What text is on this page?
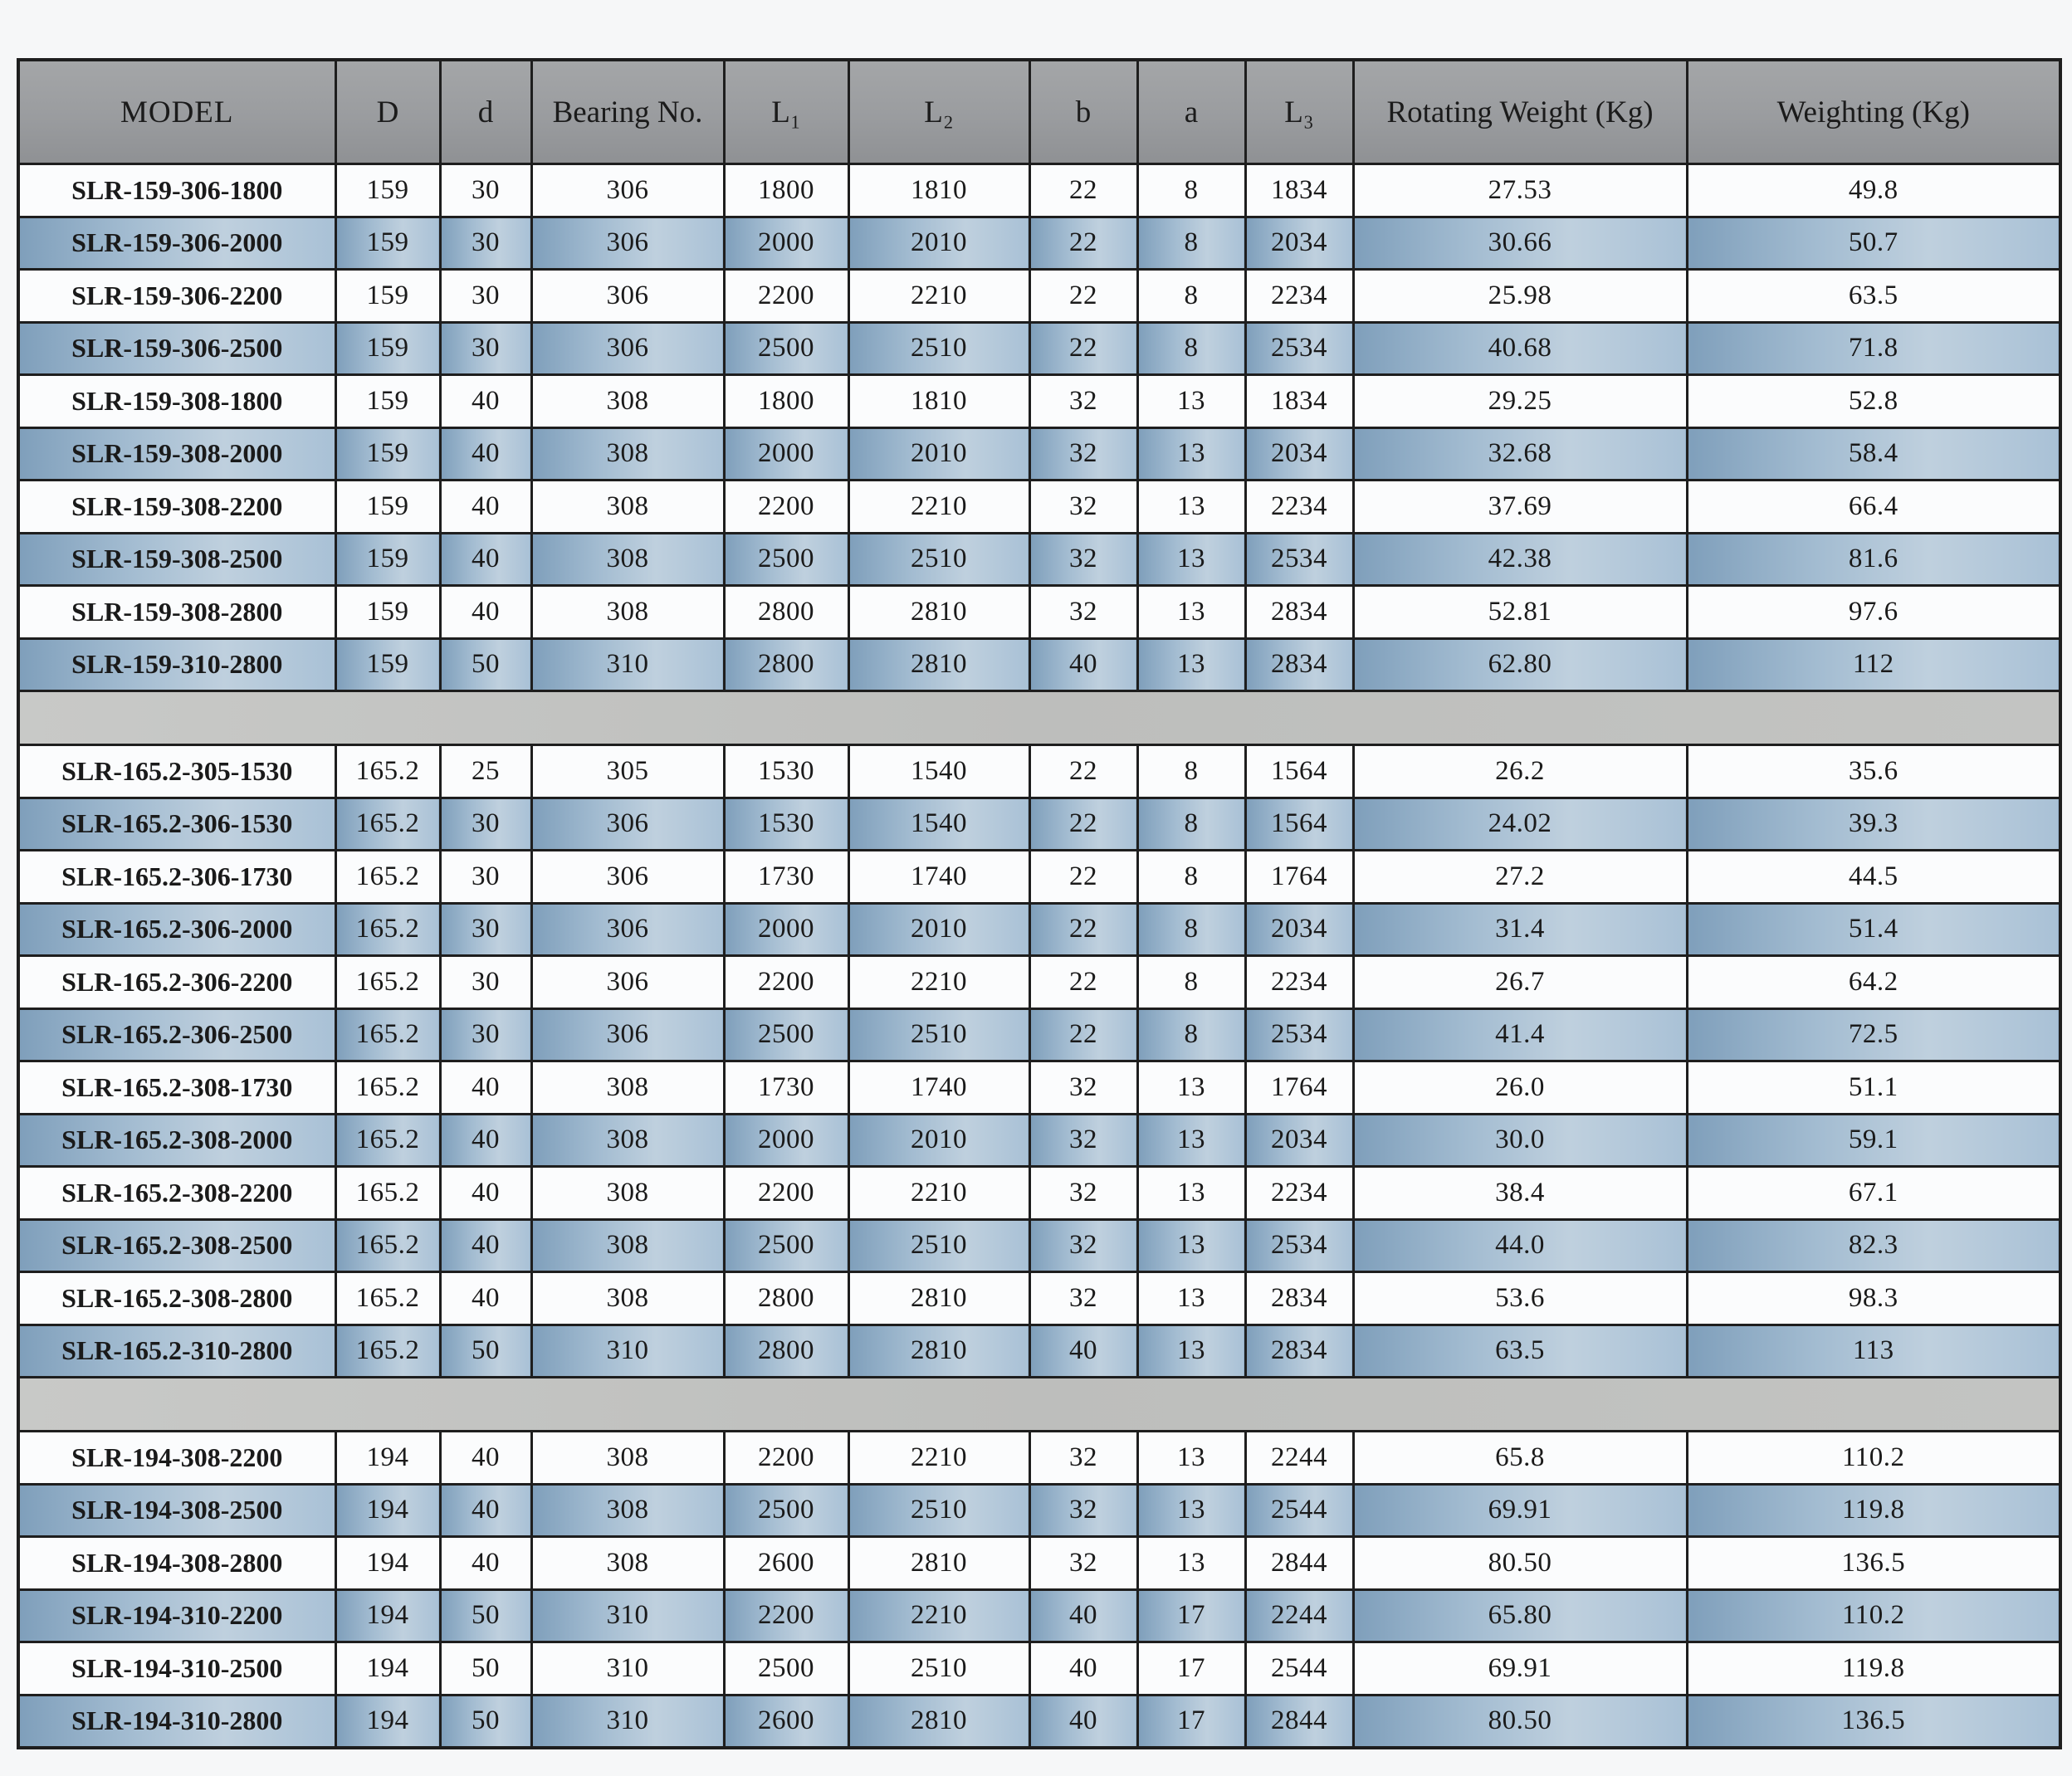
MODEL	D	d	Bearing No.	L₁	L₂	b	a	L₃	Rotating Weight (Kg)	Weighting (Kg)
SLR-159-306-1800	159	30	306	1800	1810	22	8	1834	27.53	49.8
SLR-159-306-2000	159	30	306	2000	2010	22	8	2034	30.66	50.7
SLR-159-306-2200	159	30	306	2200	2210	22	8	2234	25.98	63.5
SLR-159-306-2500	159	30	306	2500	2510	22	8	2534	40.68	71.8
SLR-159-308-1800	159	40	308	1800	1810	32	13	1834	29.25	52.8
SLR-159-308-2000	159	40	308	2000	2010	32	13	2034	32.68	58.4
SLR-159-308-2200	159	40	308	2200	2210	32	13	2234	37.69	66.4
SLR-159-308-2500	159	40	308	2500	2510	32	13	2534	42.38	81.6
SLR-159-308-2800	159	40	308	2800	2810	32	13	2834	52.81	97.6
SLR-159-310-2800	159	50	310	2800	2810	40	13	2834	62.80	112

SLR-165.2-305-1530	165.2	25	305	1530	1540	22	8	1564	26.2	35.6
SLR-165.2-306-1530	165.2	30	306	1530	1540	22	8	1564	24.02	39.3
SLR-165.2-306-1730	165.2	30	306	1730	1740	22	8	1764	27.2	44.5
SLR-165.2-306-2000	165.2	30	306	2000	2010	22	8	2034	31.4	51.4
SLR-165.2-306-2200	165.2	30	306	2200	2210	22	8	2234	26.7	64.2
SLR-165.2-306-2500	165.2	30	306	2500	2510	22	8	2534	41.4	72.5
SLR-165.2-308-1730	165.2	40	308	1730	1740	32	13	1764	26.0	51.1
SLR-165.2-308-2000	165.2	40	308	2000	2010	32	13	2034	30.0	59.1
SLR-165.2-308-2200	165.2	40	308	2200	2210	32	13	2234	38.4	67.1
SLR-165.2-308-2500	165.2	40	308	2500	2510	32	13	2534	44.0	82.3
SLR-165.2-308-2800	165.2	40	308	2800	2810	32	13	2834	53.6	98.3
SLR-165.2-310-2800	165.2	50	310	2800	2810	40	13	2834	63.5	113

SLR-194-308-2200	194	40	308	2200	2210	32	13	2244	65.8	110.2
SLR-194-308-2500	194	40	308	2500	2510	32	13	2544	69.91	119.8
SLR-194-308-2800	194	40	308	2600	2810	32	13	2844	80.50	136.5
SLR-194-310-2200	194	50	310	2200	2210	40	17	2244	65.80	110.2
SLR-194-310-2500	194	50	310	2500	2510	40	17	2544	69.91	119.8
SLR-194-310-2800	194	50	310	2600	2810	40	17	2844	80.50	136.5
